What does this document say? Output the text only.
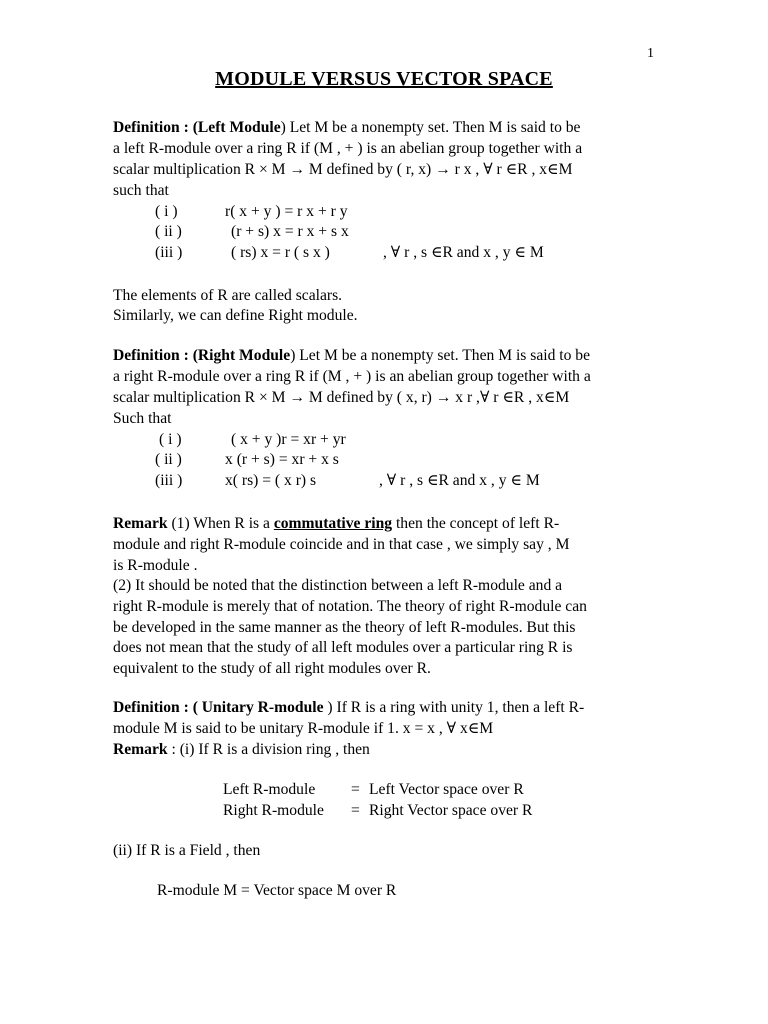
1
MODULE VERSUS VECTOR SPACE
Definition : (Left Module) Let M be a nonempty set. Then M is said to be
a left R-module over a ring R if (M , + ) is an abelian group together with a
scalar multiplication R × M → M defined by ( r, x) → r x , ∀ r ∈R , x∈M
such that
( i )	r( x + y ) = r x + r y
( ii )	(r + s) x = r x + s x
(iii )	( rs) x = r ( s x )	, ∀ r , s ∈R and x , y ∈ M
The elements of R are called scalars.
Similarly, we can define Right module.
Definition : (Right Module) Let M be a nonempty set. Then M is said to be
a right R-module over a ring R if (M , + ) is an abelian group together with a
scalar multiplication R × M → M defined by ( x, r) → x r ,∀ r ∈R , x∈M
Such that
( i )	( x + y )r = xr + yr
( ii )	x (r + s) = xr + x s
(iii )	x( rs) = ( x r) s	, ∀ r , s ∈R and x , y ∈ M
Remark (1) When R is a commutative ring then the concept of left R-
module and right R-module coincide and in that case , we simply say , M
is R-module .
(2) It should be noted that the distinction between a left R-module and a
right R-module is merely that of notation. The theory of right R-module can
be developed in the same manner as the theory of left R-modules. But this
does not mean that the study of all left modules over a particular ring R is
equivalent to the study of all right modules over R.
Definition : ( Unitary R-module ) If R is a ring with unity 1, then a left R-
module M is said to be unitary R-module if 1. x = x , ∀ x∈M
Remark : (i) If R is a division ring , then
Left R-module = Left Vector space over R
Right R-module = Right Vector space over R
(ii) If R is a Field , then
R-module M = Vector space M over R
